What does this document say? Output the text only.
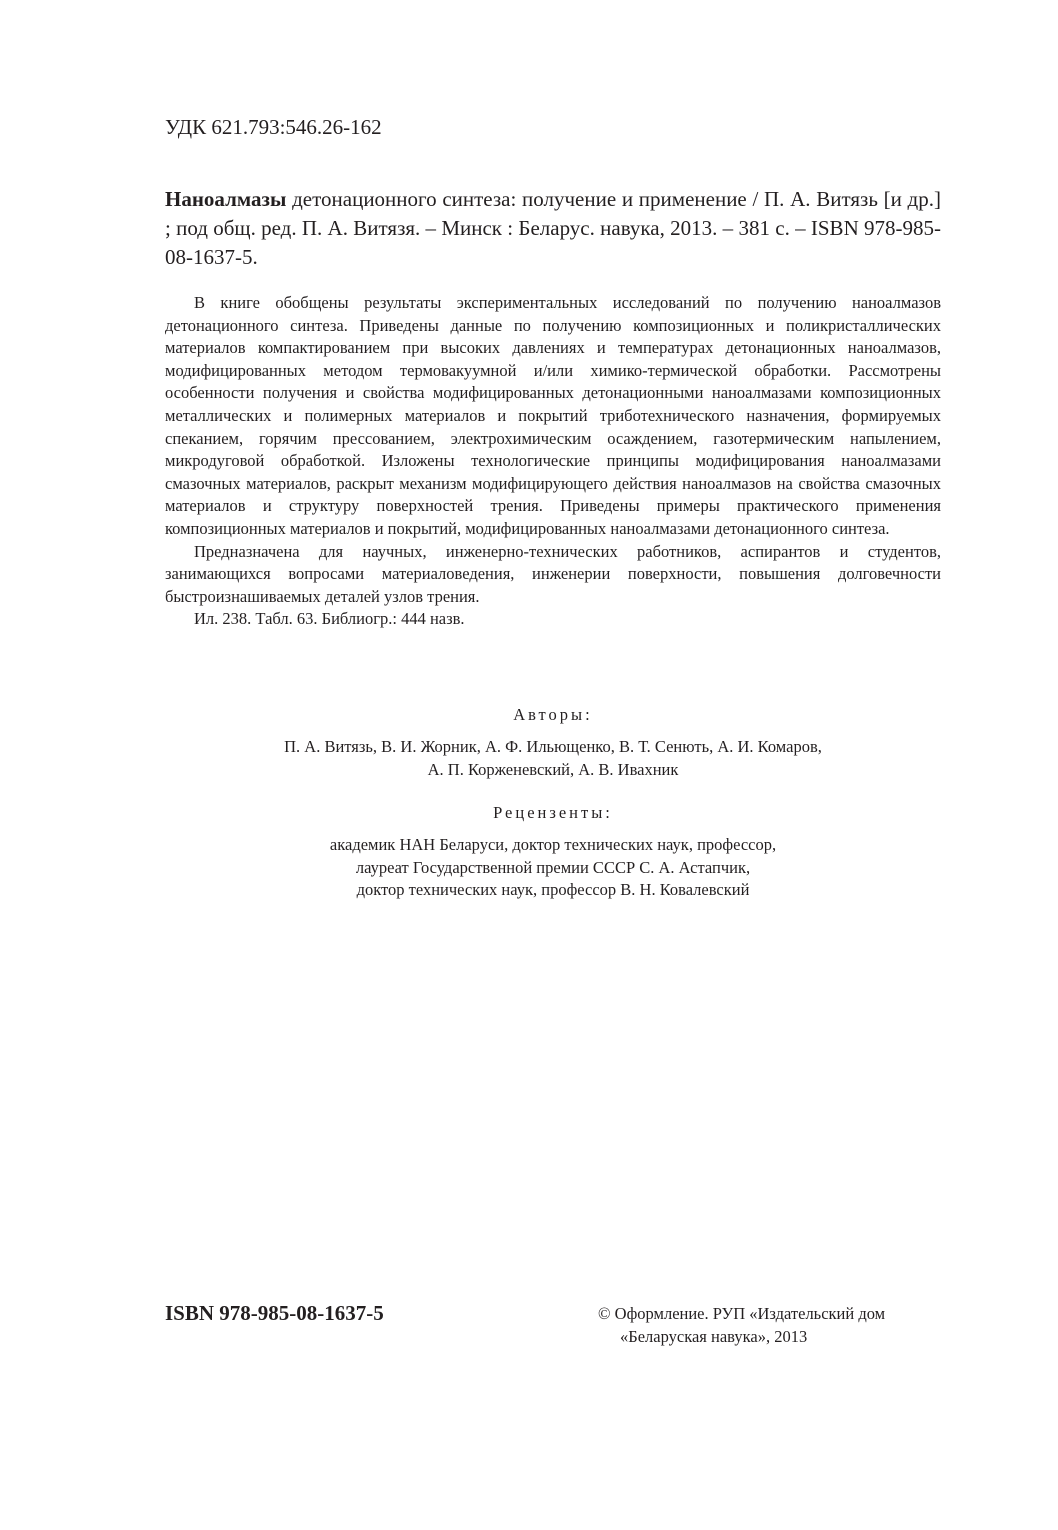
УДК 621.793:546.26-162
Наноалмазы детонационного синтеза: получение и применение / П. А. Витязь [и др.] ; под общ. ред. П. А. Витязя. – Минск : Беларус. навука, 2013. – 381 с. – ISBN 978-985-08-1637-5.

В книге обобщены результаты экспериментальных исследований по получению наноалмазов детонационного синтеза. Приведены данные по получению композиционных и поликристаллических материалов компактированием при высоких давлениях и температурах детонационных наноалмазов, модифицированных методом термовакуумной и/или химико-термической обработки. Рассмотрены особенности получения и свойства модифицированных детонационными наноалмазами композиционных металлических и полимерных материалов и покрытий триботехнического назначения, формируемых спеканием, горячим прессованием, электрохимическим осаждением, газотермическим напылением, микродуговой обработкой. Изложены технологические принципы модифицирования наноалмазами смазочных материалов, раскрыт механизм модифицирующего действия наноалмазов на свойства смазочных материалов и структуру поверхностей трения. Приведены примеры практического применения композиционных материалов и покрытий, модифицированных наноалмазами детонационного синтеза.

Предназначена для научных, инженерно-технических работников, аспирантов и студентов, занимающихся вопросами материаловедения, инженерии поверхности, повышения долговечности быстроизнашиваемых деталей узлов трения.

Ил. 238. Табл. 63. Библиогр.: 444 назв.

Авторы:
П. А. Витязь, В. И. Жорник, А. Ф. Ильющенко, В. Т. Сенють, А. И. Комаров,
А. П. Корженевский, А. В. Ивахник
Рецензенты:
академик НАН Беларуси, доктор технических наук, профессор,
лауреат Государственной премии СССР С. А. Астапчик,
доктор технических наук, профессор В. Н. Ковалевский
ISBN 978-985-08-1637-5	© Оформление. РУП «Издательский дом
«Беларуская навука», 2013
